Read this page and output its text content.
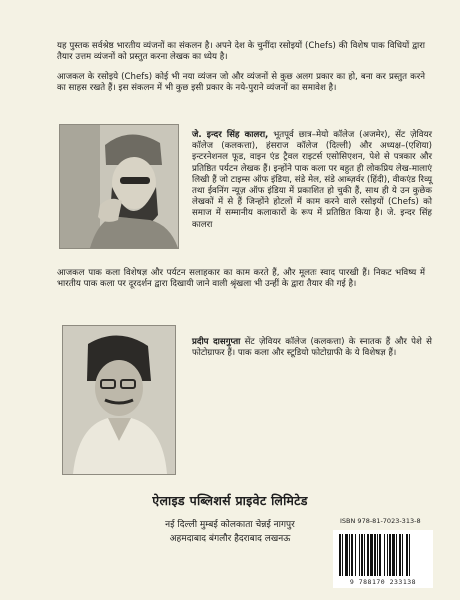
यह पुस्तक सर्वश्रेष्ठ भारतीय व्यंजनों का संकलन है। अपने देश के चुनींदा रसोइयों (Chefs) की विशेष पाक विधियों द्वारा तैयार उत्तम व्यंजनों को प्रस्तुत करना लेखक का ध्येय है।

आजकल के रसोइये (Chefs) कोई भी नया व्यंजन जो और व्यंजनों से कुछ अलग प्रकार का हो, बना कर प्रस्तुत करने का साहस रखते हैं। इस संकलन में भी कुछ इसी प्रकार के नये-पुराने व्यंजनों का समावेश है।

जे. इन्दर सिंह कालरा, भूतपूर्व छात्र–मेयो कॉलेज (अजमेर), सेंट ज़ेवियर कॉलेज (कलकत्ता), हंसराज कॉलेज (दिल्ली) और अध्यक्ष–(एशिया) इन्टरनेशनल फूड, वाइन एंड ट्रैवल राइटर्स एसोसिएशन, पेशे से पत्रकार और प्रतिष्ठित पर्यटन लेखक हैं। इन्होंने पाक कला पर बहुत ही लोकप्रिय लेख-मालाएं लिखी हैं जो टाइम्स ऑफ इंडिया, संडे मेल, संडे आब्ज़र्वर (हिंदी), वीकएंड रिव्यू तथा ईवनिंग न्यूज़ ऑफ इंडिया में प्रकाशित हो चुकी हैं, साथ ही ये उन कुछेक लेखकों में से हैं जिन्होंने होटलों में काम करने वाले रसोइयों (Chefs) को समाज में सम्मानीय कलाकारों के रूप में प्रतिष्ठित किया है। जे. इन्दर सिंह कालरा

आजकल पाक कला विशेषज्ञ और पर्यटन सलाहकार का काम करते हैं, और मूलतः स्वाद पारखी हैं। निकट भविष्य में भारतीय पाक कला पर दूरदर्शन द्वारा दिखायी जाने वाली श्रृंखला भी उन्हीं के द्वारा तैयार की गई है।

प्रदीप दासगुप्ता सेंट ज़ेवियर कॉलेज (कलकत्ता) के स्नातक हैं और पेशे से फोटोग्राफर हैं। पाक कला और स्टूडियो फोटोग्राफी के ये विशेषज्ञ हैं।

ऐलाइड पब्लिशर्स प्राइवेट लिमिटेड
नई दिल्ली मुम्बई कोलकाता चेन्नई नागपुर
अहमदाबाद बंगलौर हैदराबाद लखनऊ
ISBN 978-81-7023-313-8
9 788170 233138
